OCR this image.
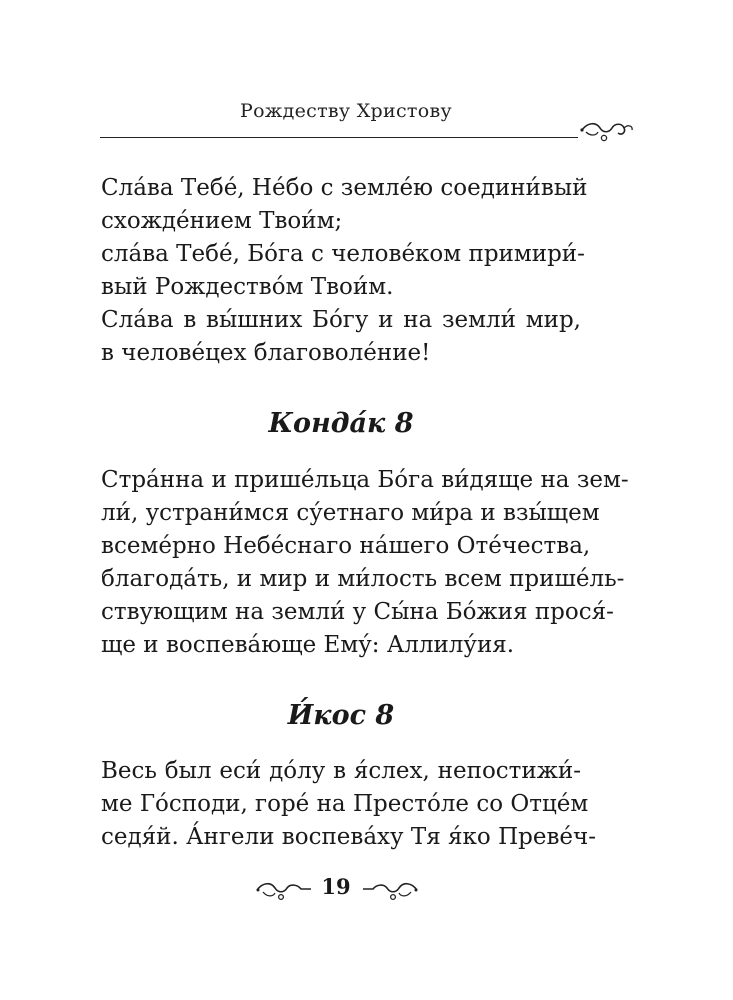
Рождеству Христову

Сла́ва Тебе́, Не́бо с земле́ю соедини́вый
схожде́нием Твои́м;
сла́ва Тебе́, Бо́га с челове́ком примири́-
вый Рождество́м Твои́м.
Сла́ва в вы́шних Бо́гу и на земли́ мир,
в челове́цех благоволе́ние!

Конда́к 8

Стра́нна и прише́льца Бо́га ви́дяще на зем-
ли́, устрани́мся су́етнаго ми́ра и взы́щем
всеме́рно Небе́снаго на́шего Оте́чества,
благода́ть, и мир и ми́лость всем прише́ль-
ствующим на земли́ у Сы́на Бо́жия прося́-
ще и воспева́юще Ему́: Аллилу́ия.

И́кос 8

Весь был еси́ до́лу в я́слех, непостижи́-
ме Го́споди, горе́ на Престо́ле со Отце́м
седя́й. А́нгели воспева́ху Тя я́ко Преве́ч-

19
